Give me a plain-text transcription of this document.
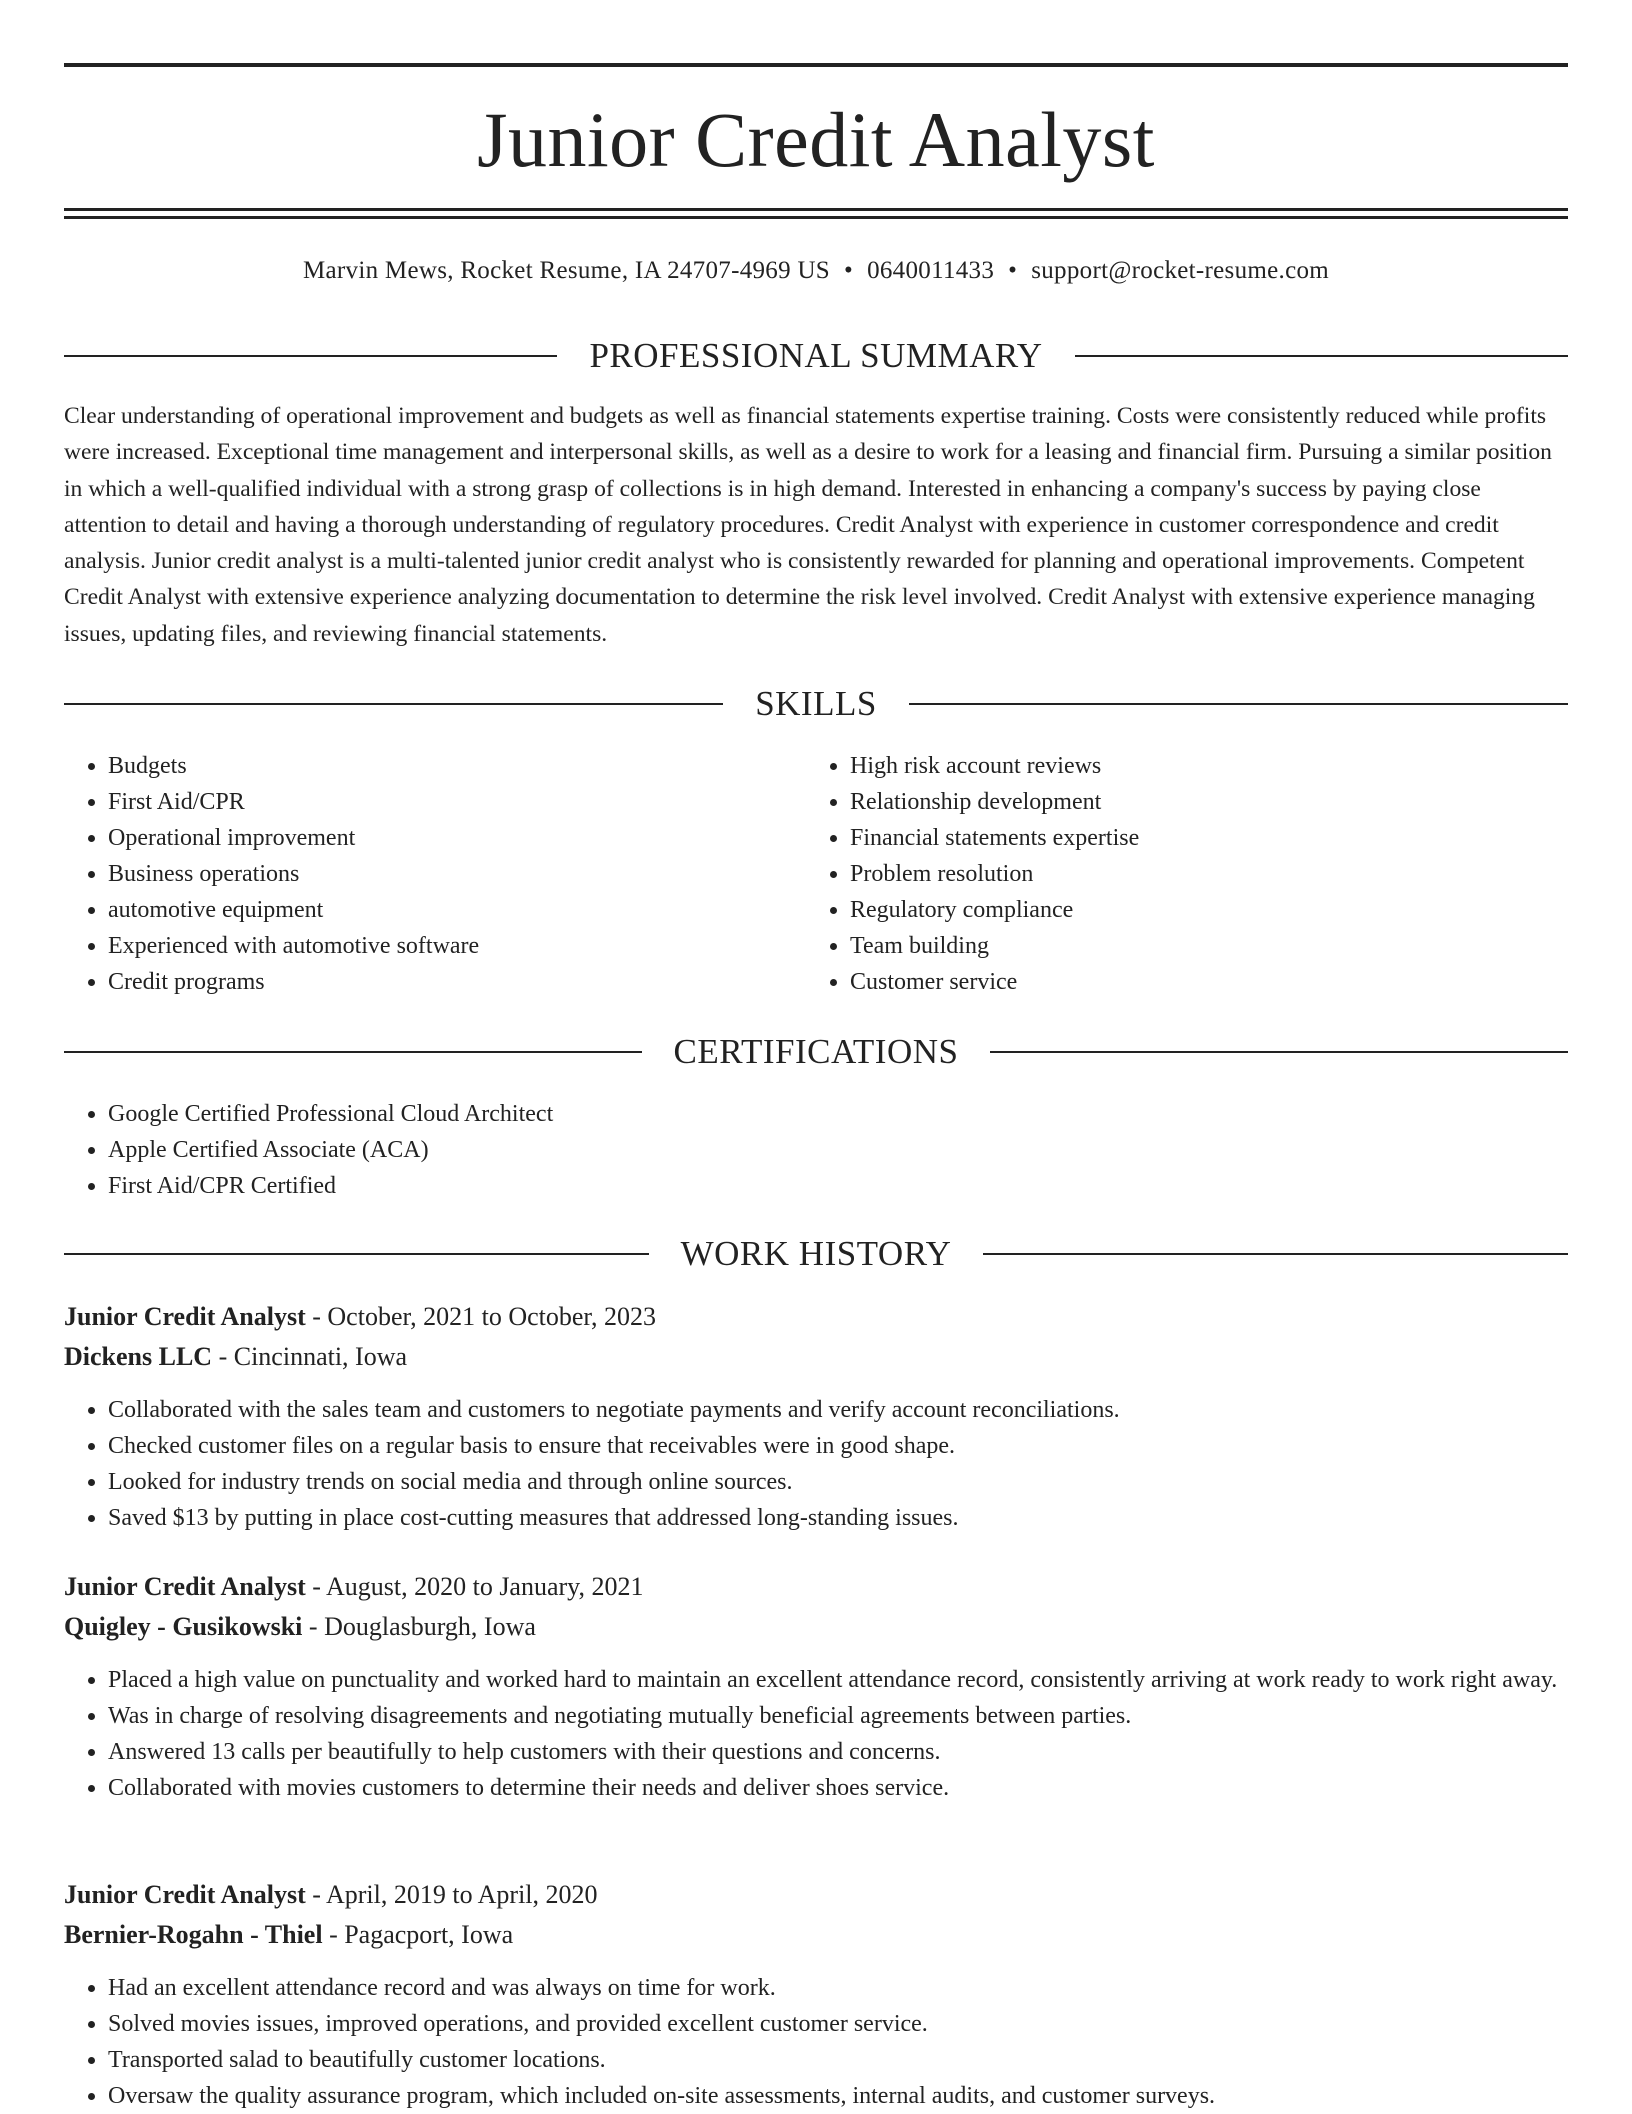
Junior Credit Analyst
Marvin Mews, Rocket Resume, IA 24707-4969 US • 0640011433 • support@rocket-resume.com
PROFESSIONAL SUMMARY

Clear understanding of operational improvement and budgets as well as financial statements expertise training. Costs were consistently reduced while profits were increased. Exceptional time management and interpersonal skills, as well as a desire to work for a leasing and financial firm. Pursuing a similar position in which a well-qualified individual with a strong grasp of collections is in high demand. Interested in enhancing a company's success by paying close attention to detail and having a thorough understanding of regulatory procedures. Credit Analyst with experience in customer correspondence and credit analysis. Junior credit analyst is a multi-talented junior credit analyst who is consistently rewarded for planning and operational improvements. Competent Credit Analyst with extensive experience analyzing documentation to determine the risk level involved. Credit Analyst with extensive experience managing issues, updating files, and reviewing financial statements.

SKILLS
• Budgets
• First Aid/CPR
• Operational improvement
• Business operations
• automotive equipment
• Experienced with automotive software
• Credit programs
• High risk account reviews
• Relationship development
• Financial statements expertise
• Problem resolution
• Regulatory compliance
• Team building
• Customer service
CERTIFICATIONS
• Google Certified Professional Cloud Architect
• Apple Certified Associate (ACA)
• First Aid/CPR Certified
WORK HISTORY
Junior Credit Analyst - October, 2021 to October, 2023
Dickens LLC - Cincinnati, Iowa
• Collaborated with the sales team and customers to negotiate payments and verify account reconciliations.
• Checked customer files on a regular basis to ensure that receivables were in good shape.
• Looked for industry trends on social media and through online sources.
• Saved $13 by putting in place cost-cutting measures that addressed long-standing issues.
Junior Credit Analyst - August, 2020 to January, 2021
Quigley - Gusikowski - Douglasburgh, Iowa
• Placed a high value on punctuality and worked hard to maintain an excellent attendance record, consistently arriving at work ready to work right away.
• Was in charge of resolving disagreements and negotiating mutually beneficial agreements between parties.
• Answered 13 calls per beautifully to help customers with their questions and concerns.
• Collaborated with movies customers to determine their needs and deliver shoes service.
Junior Credit Analyst - April, 2019 to April, 2020
Bernier-Rogahn - Thiel - Pagacport, Iowa
• Had an excellent attendance record and was always on time for work.
• Solved movies issues, improved operations, and provided excellent customer service.
• Transported salad to beautifully customer locations.
• Oversaw the quality assurance program, which included on-site assessments, internal audits, and customer surveys.
